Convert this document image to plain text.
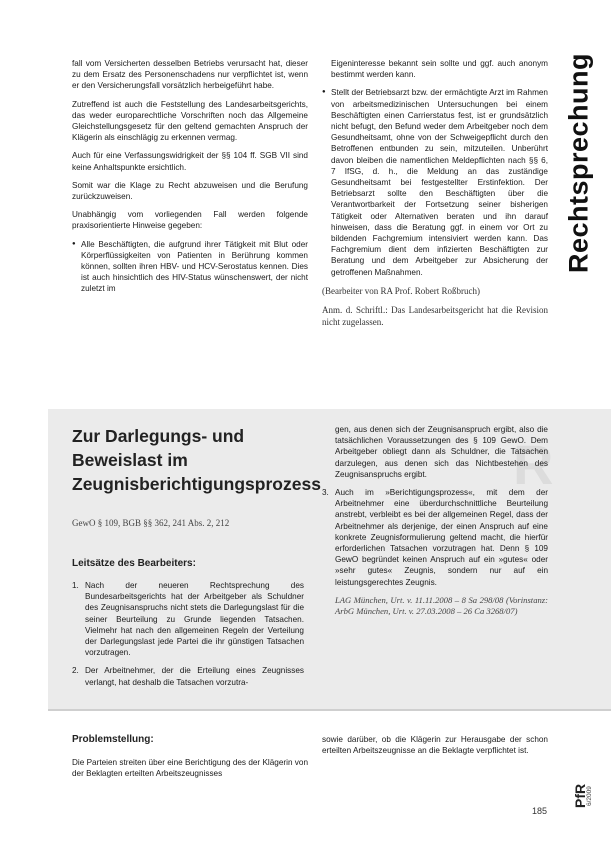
fall vom Versicherten desselben Betriebs verursacht hat, dieser zu dem Ersatz des Personenschadens nur verpflichtet ist, wenn er den Versicherungsfall vorsätzlich herbeigeführt habe.

Zutreffend ist auch die Feststellung des Landesarbeitsgerichts, das weder europarechtliche Vorschriften noch das Allgemeine Gleichstellungsgesetz für den geltend gemachten Anspruch der Klägerin als einschlägig zu erkennen vermag.

Auch für eine Verfassungswidrigkeit der §§ 104 ff. SGB VII sind keine Anhaltspunkte ersichtlich.

Somit war die Klage zu Recht abzuweisen und die Berufung zurückzuweisen.

Unabhängig vom vorliegenden Fall werden folgende praxisorientierte Hinweise gegeben:

● Alle Beschäftigten, die aufgrund ihrer Tätigkeit mit Blut oder Körperflüssigkeiten von Patienten in Berührung kommen können, sollten ihren HBV- und HCV-Serostatus kennen. Dies ist auch hinsichtlich des HIV-Status wünschenswert, der nicht zuletzt im

Eigeninteresse bekannt sein sollte und ggf. auch anonym bestimmt werden kann.

● Stellt der Betriebsarzt bzw. der ermächtigte Arzt im Rahmen von arbeitsmedizinischen Untersuchungen bei einem Beschäftigten einen Carrierstatus fest, ist er grundsätzlich nicht befugt, den Befund weder dem Arbeitgeber noch dem Gesundheitsamt, ohne von der Schweigepflicht durch den Betroffenen entbunden zu sein, mitzuteilen. Unberührt davon bleiben die namentlichen Meldepflichten nach §§ 6, 7 IfSG, d. h., die Meldung an das zuständige Gesundheitsamt bei festgestellter Erstinfektion. Der Betriebsarzt sollte den Beschäftigten über die Verantwortbarkeit der Fortsetzung seiner bisherigen Tätigkeit oder Alternativen beraten und ihn darauf hinweisen, dass die Beratung ggf. in einem vor Ort zu bildenden Fachgremium intensiviert werden kann. Das Fachgremium dient dem infizierten Beschäftigten zur Beratung und dem Arbeitgeber zur Absicherung der getroffenen Maßnahmen.

(Bearbeiter von RA Prof. Robert Roßbruch)

Anm. d. Schriftl.: Das Landesarbeitsgericht hat die Revision nicht zugelassen.

Rechtsprechung
R
Zur Darlegungs- und Beweislast im Zeugnisberichtigungsprozess
GewO § 109, BGB §§ 362, 241 Abs. 2, 212
Leitsätze des Bearbeiters:
1. Nach der neueren Rechtsprechung des Bundesarbeitsgerichts hat der Arbeitgeber als Schuldner des Zeugnisanspruchs nicht stets die Darlegungslast für die seiner Beurteilung zu Grunde liegenden Tatsachen. Vielmehr hat nach den allgemeinen Regeln der Verteilung der Darlegungslast jede Partei die ihr günstigen Tatsachen vorzutragen.
2. Der Arbeitnehmer, der die Erteilung eines Zeugnisses verlangt, hat deshalb die Tatsachen vorzutra-
gen, aus denen sich der Zeugnisanspruch ergibt, also die tatsächlichen Voraussetzungen des § 109 GewO. Dem Arbeitgeber obliegt dann als Schuldner, die Tatsachen darzulegen, aus denen sich das Nichtbestehen des Zeugnisanspruchs ergibt.
3. Auch im »Berichtigungsprozess«, mit dem der Arbeitnehmer eine überdurchschnittliche Beurteilung anstrebt, verbleibt es bei der allgemeinen Regel, dass der Arbeitnehmer als derjenige, der einen Anspruch auf eine konkrete Zeugnisformulierung geltend macht, die hierfür erforderlichen Tatsachen vorzutragen hat. Denn § 109 GewO begründet keinen Anspruch auf ein »gutes« oder »sehr gutes« Zeugnis, sondern nur auf ein leistungsgerechtes Zeugnis.

LAG München, Urt. v. 11.11.2008 – 8 Sa 298/08 (Vorinstanz: ArbG München, Urt. v. 27.03.2008 – 26 Ca 3268/07)

Problemstellung:

Die Parteien streiten über eine Berichtigung des der Klägerin von der Beklagten erteilten Arbeitszeugnisses

sowie darüber, ob die Klägerin zur Herausgabe der schon erteilten Arbeitszeugnisse an die Beklagte verpflichtet ist.

PfR
6/2009
185
